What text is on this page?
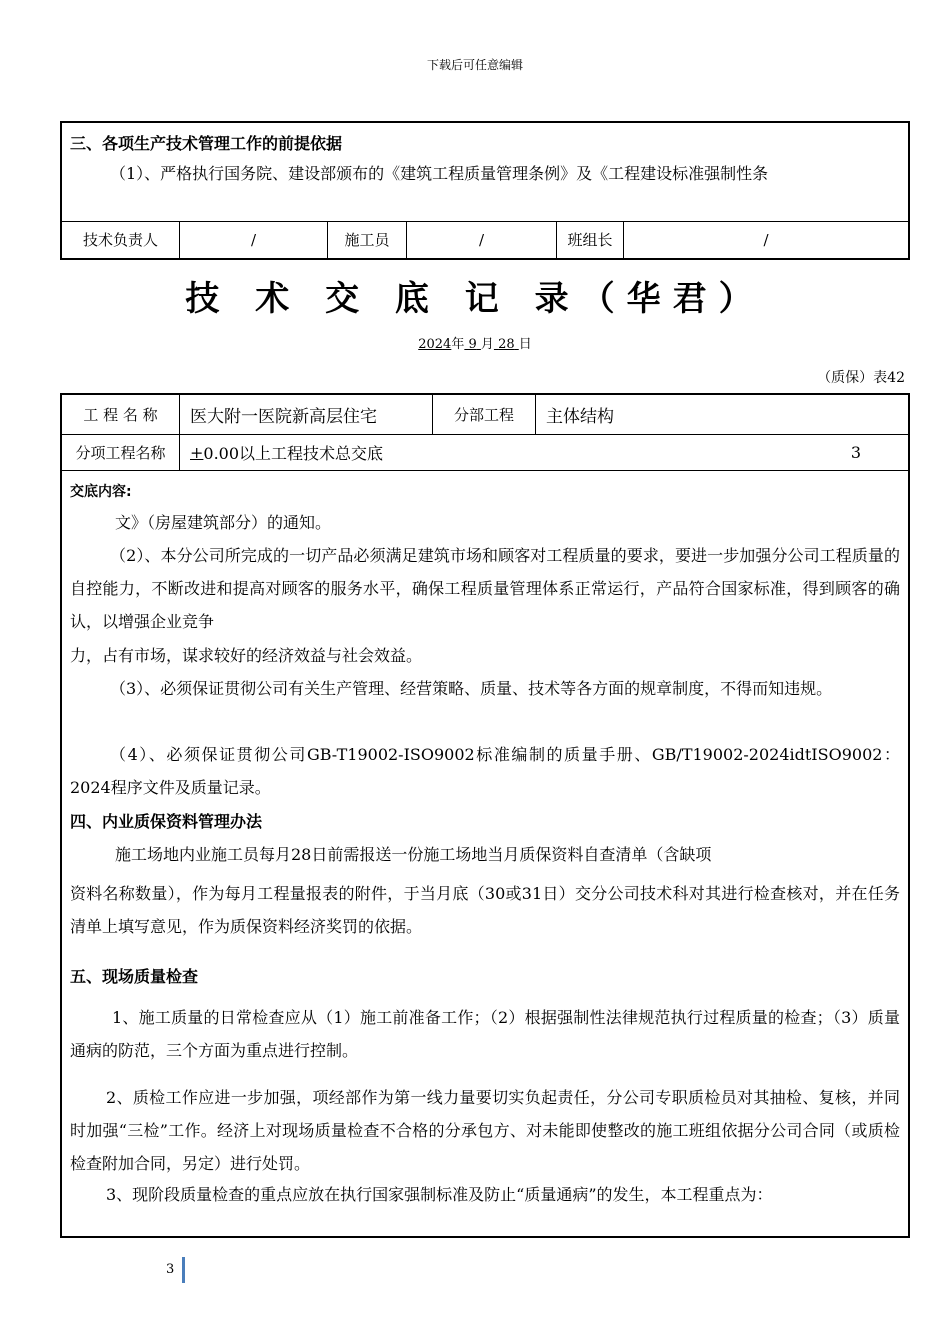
下载后可任意编辑
三、各项生产技术管理工作的前提依据
（1）、严格执行国务院、建设部颁布的《建筑工程质量管理条例》及《工程建设标准强制性条
技术负责人	/	施工员	/	班组长	/
技 术 交 底 记 录（华君）
2024年 9 月 28 日
（质保）表42
工 程 名 称	医大附一医院新高层住宅	分部工程	主体结构
分项工程名称	+ 0.00以上工程技术总交底	3
交底内容:
文》（房屋建筑部分）的通知。
（2）、本分公司所完成的一切产品必须满足建筑市场和顾客对工程质量的要求，要进一步加强分公司工程质量的自控能力，不断改进和提高对顾客的服务水平，确保工程质量管理体系正常运行，产品符合国家标准，得到顾客的确认，以增强企业竞争
力，占有市场，谋求较好的经济效益与社会效益。
（3）、必须保证贯彻公司有关生产管理、经营策略、质量、技术等各方面的规章制度，不得而知违规。
（4）、必须保证贯彻公司GB-T19002-ISO9002标准编制的质量手册、GB/T19002-2024idtISO9002：2024程序文件及质量记录。
四、内业质保资料管理办法
施工场地内业施工员每月28日前需报送一份施工场地当月质保资料自查清单（含缺项
资料名称数量），作为每月工程量报表的附件，于当月底（30或31日）交分公司技术科对其进行检查核对，并在任务清单上填写意见，作为质保资料经济奖罚的依据。
五、现场质量检查
1、施工质量的日常检查应从（1）施工前准备工作；（2）根据强制性法律规范执行过程质量的检查；（3）质量通病的防范，三个方面为重点进行控制。
2、质检工作应进一步加强，项经部作为第一线力量要切实负起责任，分公司专职质检员对其抽检、复核，并同时加强“三检”工作。经济上对现场质量检查不合格的分承包方、对未能即使整改的施工班组依据分公司合同（或质检检查附加合同，另定）进行处罚。
3、现阶段质量检查的重点应放在执行国家强制标准及防止“质量通病”的发生，本工程重点为：
3
